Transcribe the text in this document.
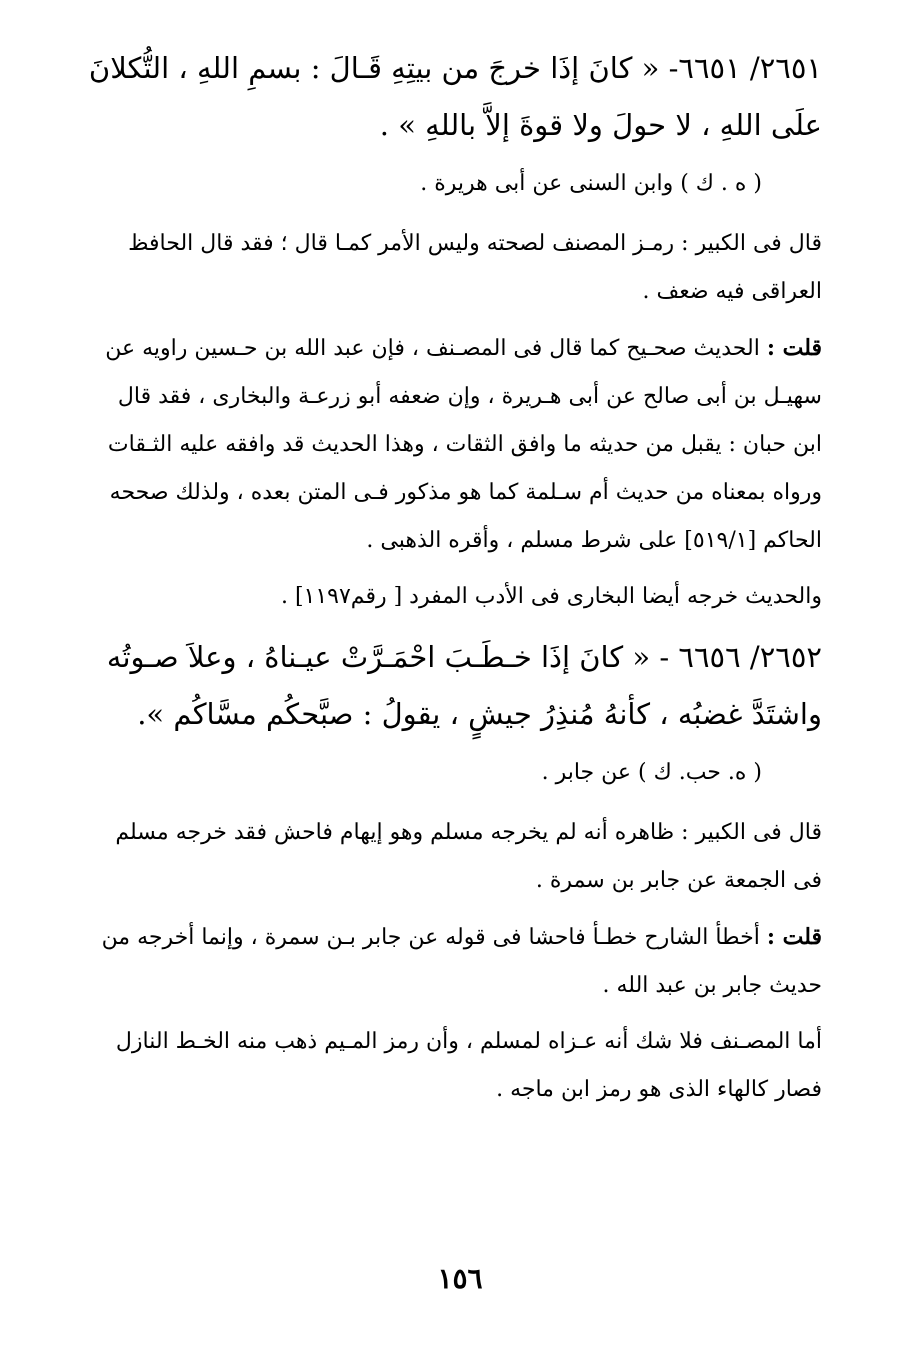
٢٦٥١/ ٦٦٥١- « كانَ إذَا خرجَ من بيتِهِ قَـالَ : بسمِ اللهِ ، التُّكلانَ
علَى اللهِ ، لا حولَ ولا قوةَ إلاَّ باللهِ » .

( ه . ك ) وابن السنى عن أبى هريرة .

قال فى الكبير : رمـز المصنف لصحته وليس الأمر كمـا قال ؛ فقد قال الحافظ العراقى فيه ضعف .

قلت : الحديث صحـيح كما قال فى المصـنف ، فإن عبد الله بن حـسين راويه عن سهيـل بن أبى صالح عن أبى هـريرة ، وإن ضعفه أبو زرعـة والبخارى ، فقد قال ابن حبان : يقبل من حديثه ما وافق الثقات ، وهذا الحديث قد وافقه عليه الثـقات ورواه بمعناه من حديث أم سـلمة كما هو مذكور فـى المتن بعده ، ولذلك صححه الحاكم [٥١٩/١] على شرط مسلم ، وأقره الذهبى .

والحديث خرجه أيضا البخارى فى الأدب المفرد [ رقم١١٩٧] .

٢٦٥٢/ ٦٦٥٦ - « كانَ إذَا خـطَـبَ احْمَـرَّتْ عيـناهُ ، وعلاَ صـوتُه
واشتَدَّ غضبُه ، كأنهُ مُنذِرُ جيشٍ ، يقولُ : صبَّحكُم مسَّاكُم ».

( ه. حب. ك ) عن جابر .

قال فى الكبير : ظاهره أنه لم يخرجه مسلم وهو إيهام فاحش فقد خرجه مسلم فى الجمعة عن جابر بن سمرة .

قلت : أخطأ الشارح خطـأ فاحشا فى قوله عن جابر بـن سمرة ، وإنما أخرجه من حديث جابر بن عبد الله .

أما المصـنف فلا شك أنه عـزاه لمسلم ، وأن رمز المـيم ذهب منه الخـط النازل فصار كالهاء الذى هو رمز ابن ماجه .

١٥٦
